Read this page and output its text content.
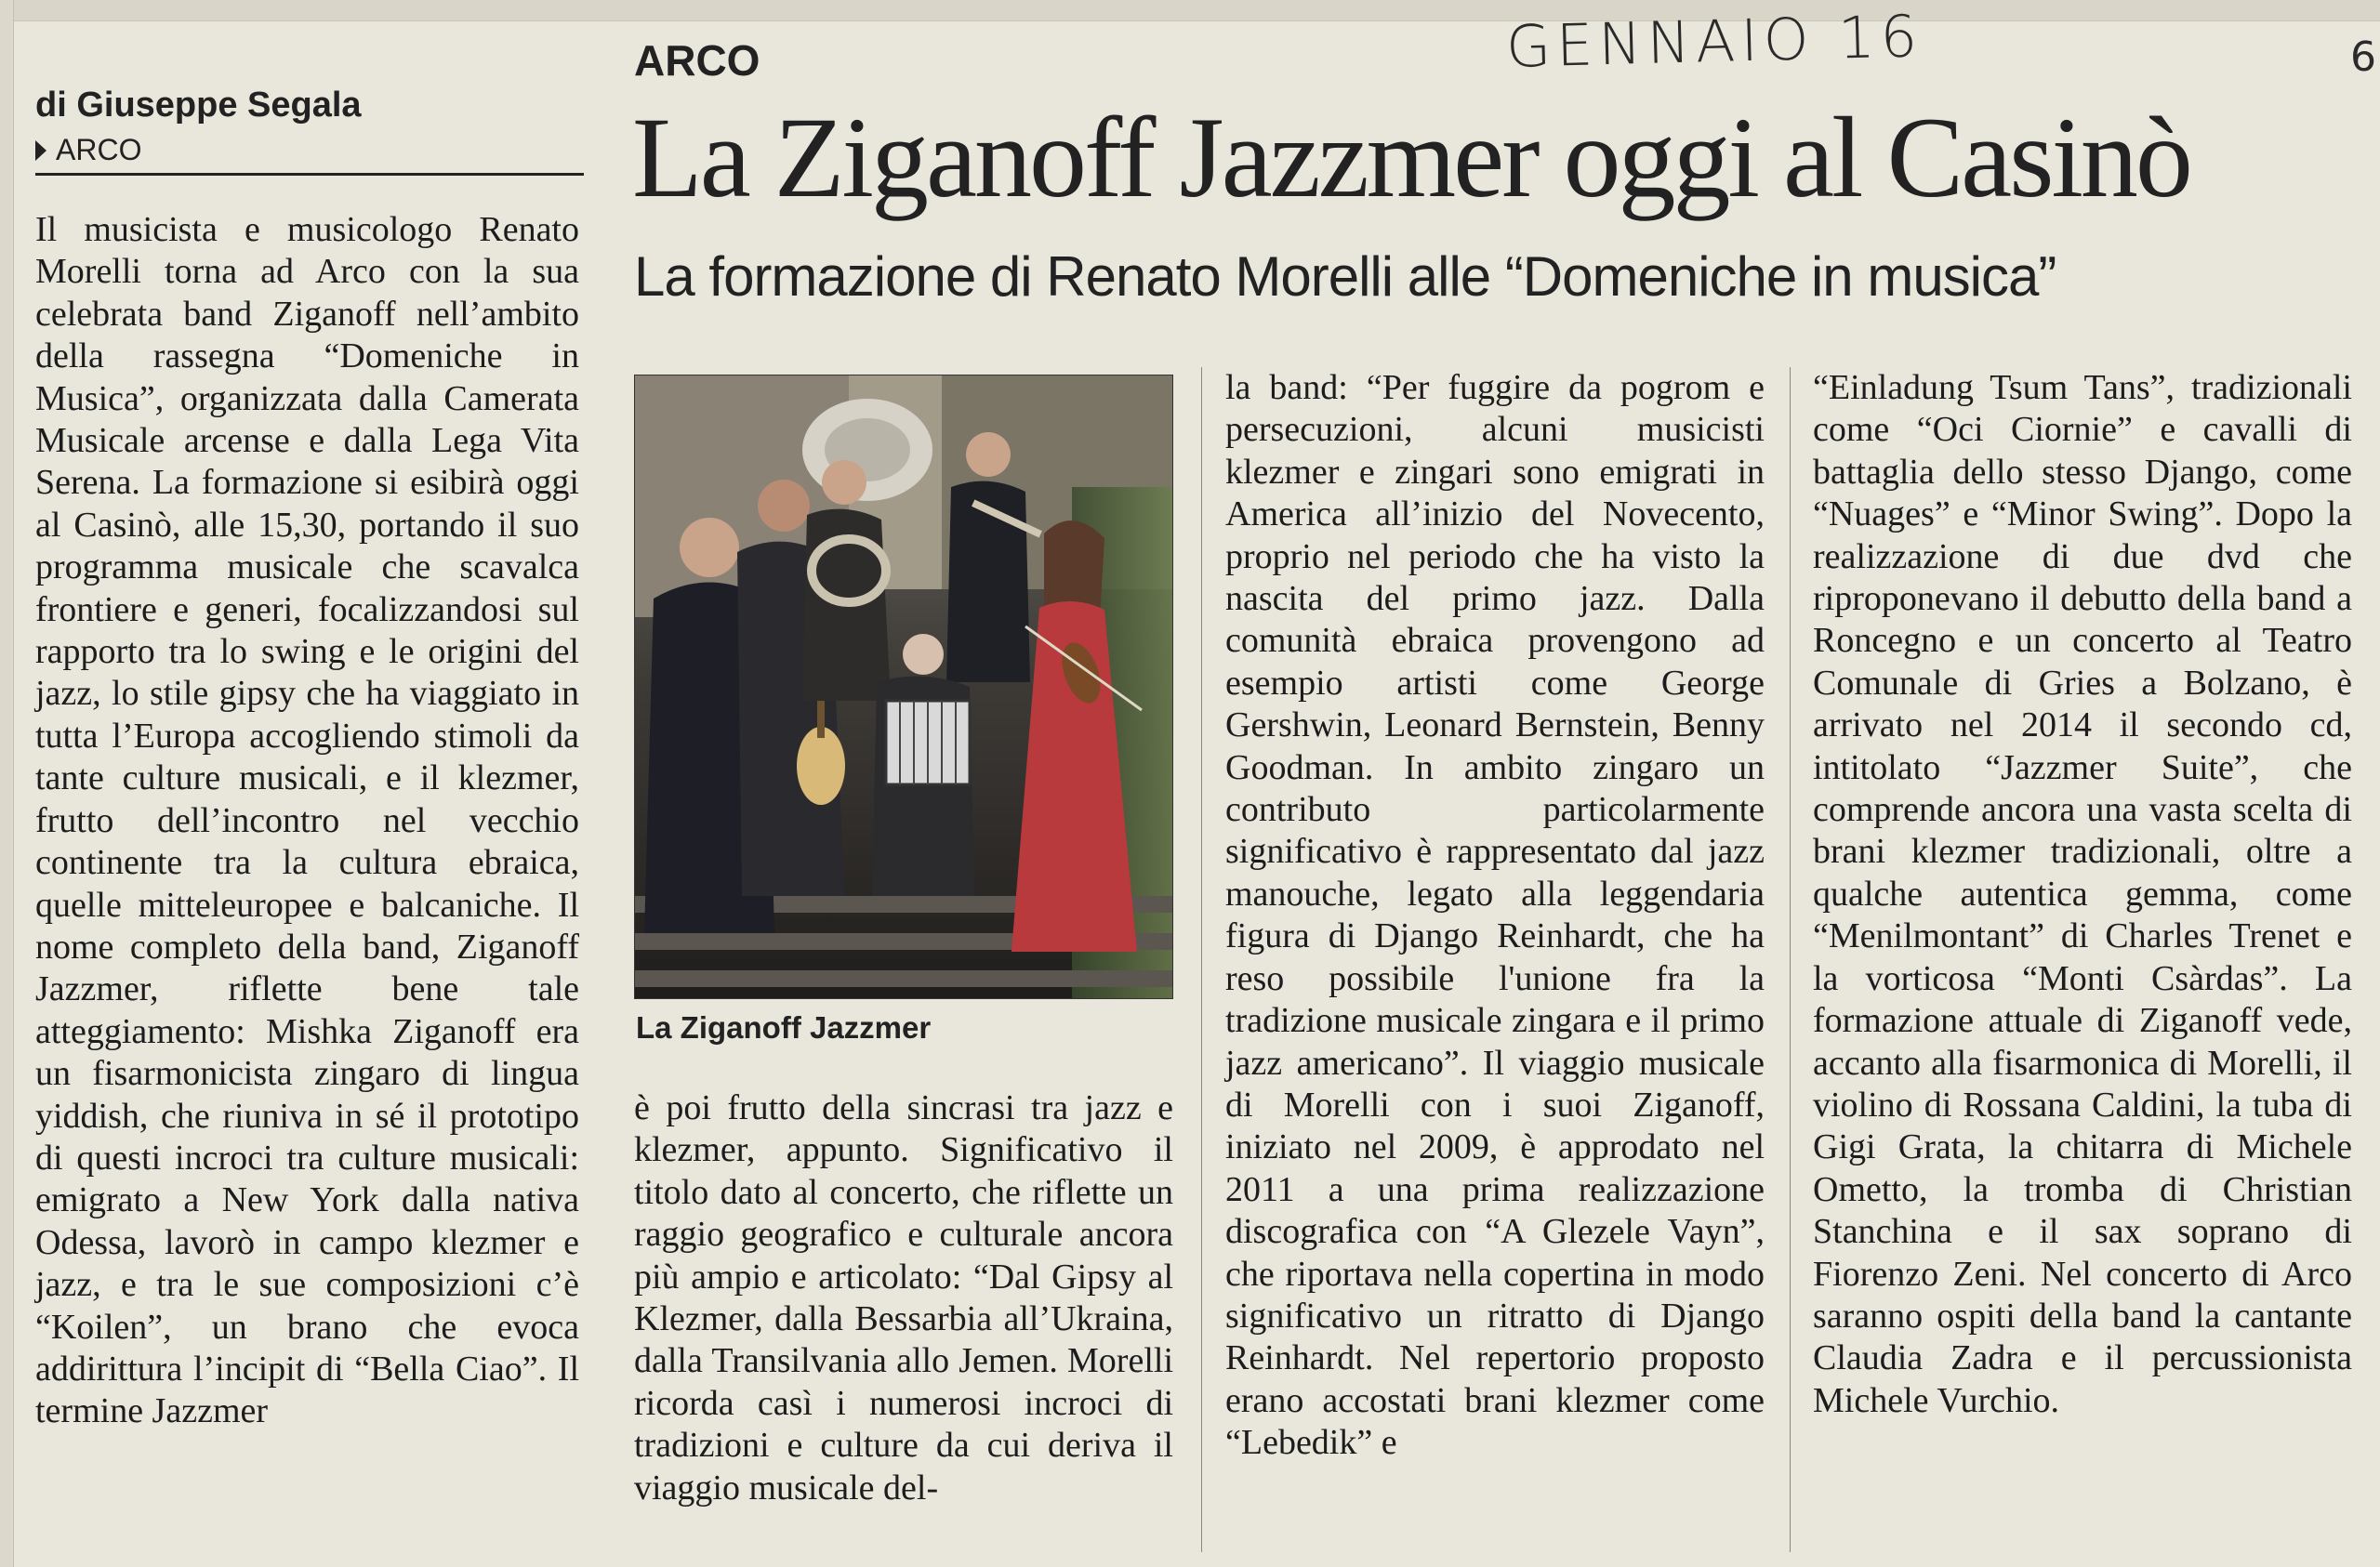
GENNAIO 16	6
di Giuseppe Segala
ARCO
ARCO
La Ziganoff Jazzmer oggi al Casinò
La formazione di Renato Morelli alle “Domeniche in musica”
Il musicista e musicologo Renato Morelli torna ad Arco con la sua celebrata band Ziganoff nell’ambito della rassegna “Domeniche in Musica”, organizzata dalla Camerata Musicale arcense e dalla Lega Vita Serena. La formazione si esibirà oggi al Casinò, alle 15,30, portando il suo programma musicale che scavalca frontiere e generi, focalizzandosi sul rapporto tra lo swing e le origini del jazz, lo stile gipsy che ha viaggiato in tutta l’Europa accogliendo stimoli da tante culture musicali, e il klezmer, frutto dell’incontro nel vecchio continente tra la cultura ebraica, quelle mitteleuropee e balcaniche. Il nome completo della band, Ziganoff Jazzmer, riflette bene tale atteggiamento: Mishka Ziganoff era un fisarmonicista zingaro di lingua yiddish, che riuniva in sé il prototipo di questi incroci tra culture musicali: emigrato a New York dalla nativa Odessa, lavorò in campo klezmer e jazz, e tra le sue composizioni c’è “Koilen”, un brano che evoca addirittura l’incipit di “Bella Ciao”. Il termine Jazzmer
La Ziganoff Jazzmer
è poi frutto della sincrasi tra jazz e klezmer, appunto. Significativo il titolo dato al concerto, che riflette un raggio geografico e culturale ancora più ampio e articolato: “Dal Gipsy al Klezmer, dalla Bessarbia all’Ukraina, dalla Transilvania allo Jemen. Morelli ricorda casì i numerosi incroci di tradizioni e culture da cui deriva il viaggio musicale del-
la band: “Per fuggire da pogrom e persecuzioni, alcuni musicisti klezmer e zingari sono emigrati in America all’inizio del Novecento, proprio nel periodo che ha visto la nascita del primo jazz. Dalla comunità ebraica provengono ad esempio artisti come George Gershwin, Leonard Bernstein, Benny Goodman. In ambito zingaro un contributo particolarmente significativo è rappresentato dal jazz manouche, legato alla leggendaria figura di Django Reinhardt, che ha reso possibile l'unione fra la tradizione musicale zingara e il primo jazz americano”. Il viaggio musicale di Morelli con i suoi Ziganoff, iniziato nel 2009, è approdato nel 2011 a una prima realizzazione discografica con “A Glezele Vayn”, che riportava nella copertina in modo significativo un ritratto di Django Reinhardt. Nel repertorio proposto erano accostati brani klezmer come “Lebedik” e
“Einladung Tsum Tans”, tradizionali come “Oci Ciornie” e cavalli di battaglia dello stesso Django, come “Nuages” e “Minor Swing”. Dopo la realizzazione di due dvd che riproponevano il debutto della band a Roncegno e un concerto al Teatro Comunale di Gries a Bolzano, è arrivato nel 2014 il secondo cd, intitolato “Jazzmer Suite”, che comprende ancora una vasta scelta di brani klezmer tradizionali, oltre a qualche autentica gemma, come “Menilmontant” di Charles Trenet e la vorticosa “Monti Csàrdas”. La formazione attuale di Ziganoff vede, accanto alla fisarmonica di Morelli, il violino di Rossana Caldini, la tuba di Gigi Grata, la chitarra di Michele Ometto, la tromba di Christian Stanchina e il sax soprano di Fiorenzo Zeni. Nel concerto di Arco saranno ospiti della band la cantante Claudia Zadra e il percussionista Michele Vurchio.
